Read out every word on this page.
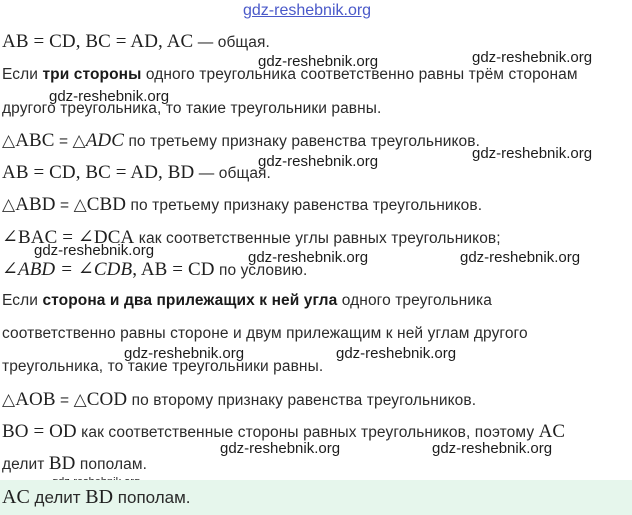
gdz-reshebnik.org
gdz-reshebnik.org	gdz-reshebnik.org
gdz-reshebnik.org
gdz-reshebnik.org
gdz-reshebnik.org
gdz-reshebnik.org	gdz-reshebnik.org	gdz-reshebnik.org
gdz-reshebnik.org	gdz-reshebnik.org
gdz-reshebnik.org	gdz-reshebnik.org
AB = CD, BC = AD, AC — общая.
Если три стороны одного треугольника соответственно равны трём сторонам
другого треугольника, то такие треугольники равны.
△ABC = △ADC по третьему признаку равенства треугольников.
AB = CD, BC = AD, BD — общая.
△ABD = △CBD по третьему признаку равенства треугольников.
∠BAC = ∠DCA как соответственные углы равных треугольников;
∠ABD = ∠CDB, AB = CD по условию.
Если сторона и два прилежащих к ней угла одного треугольника
соответственно равны стороне и двум прилежащим к ней углам другого
треугольника, то такие треугольники равны.
△AOB = △COD по второму признаку равенства треугольников.
BO = OD как соответственные стороны равных треугольников, поэтому AC
делит BD пополам.
AC делит BD пополам.
